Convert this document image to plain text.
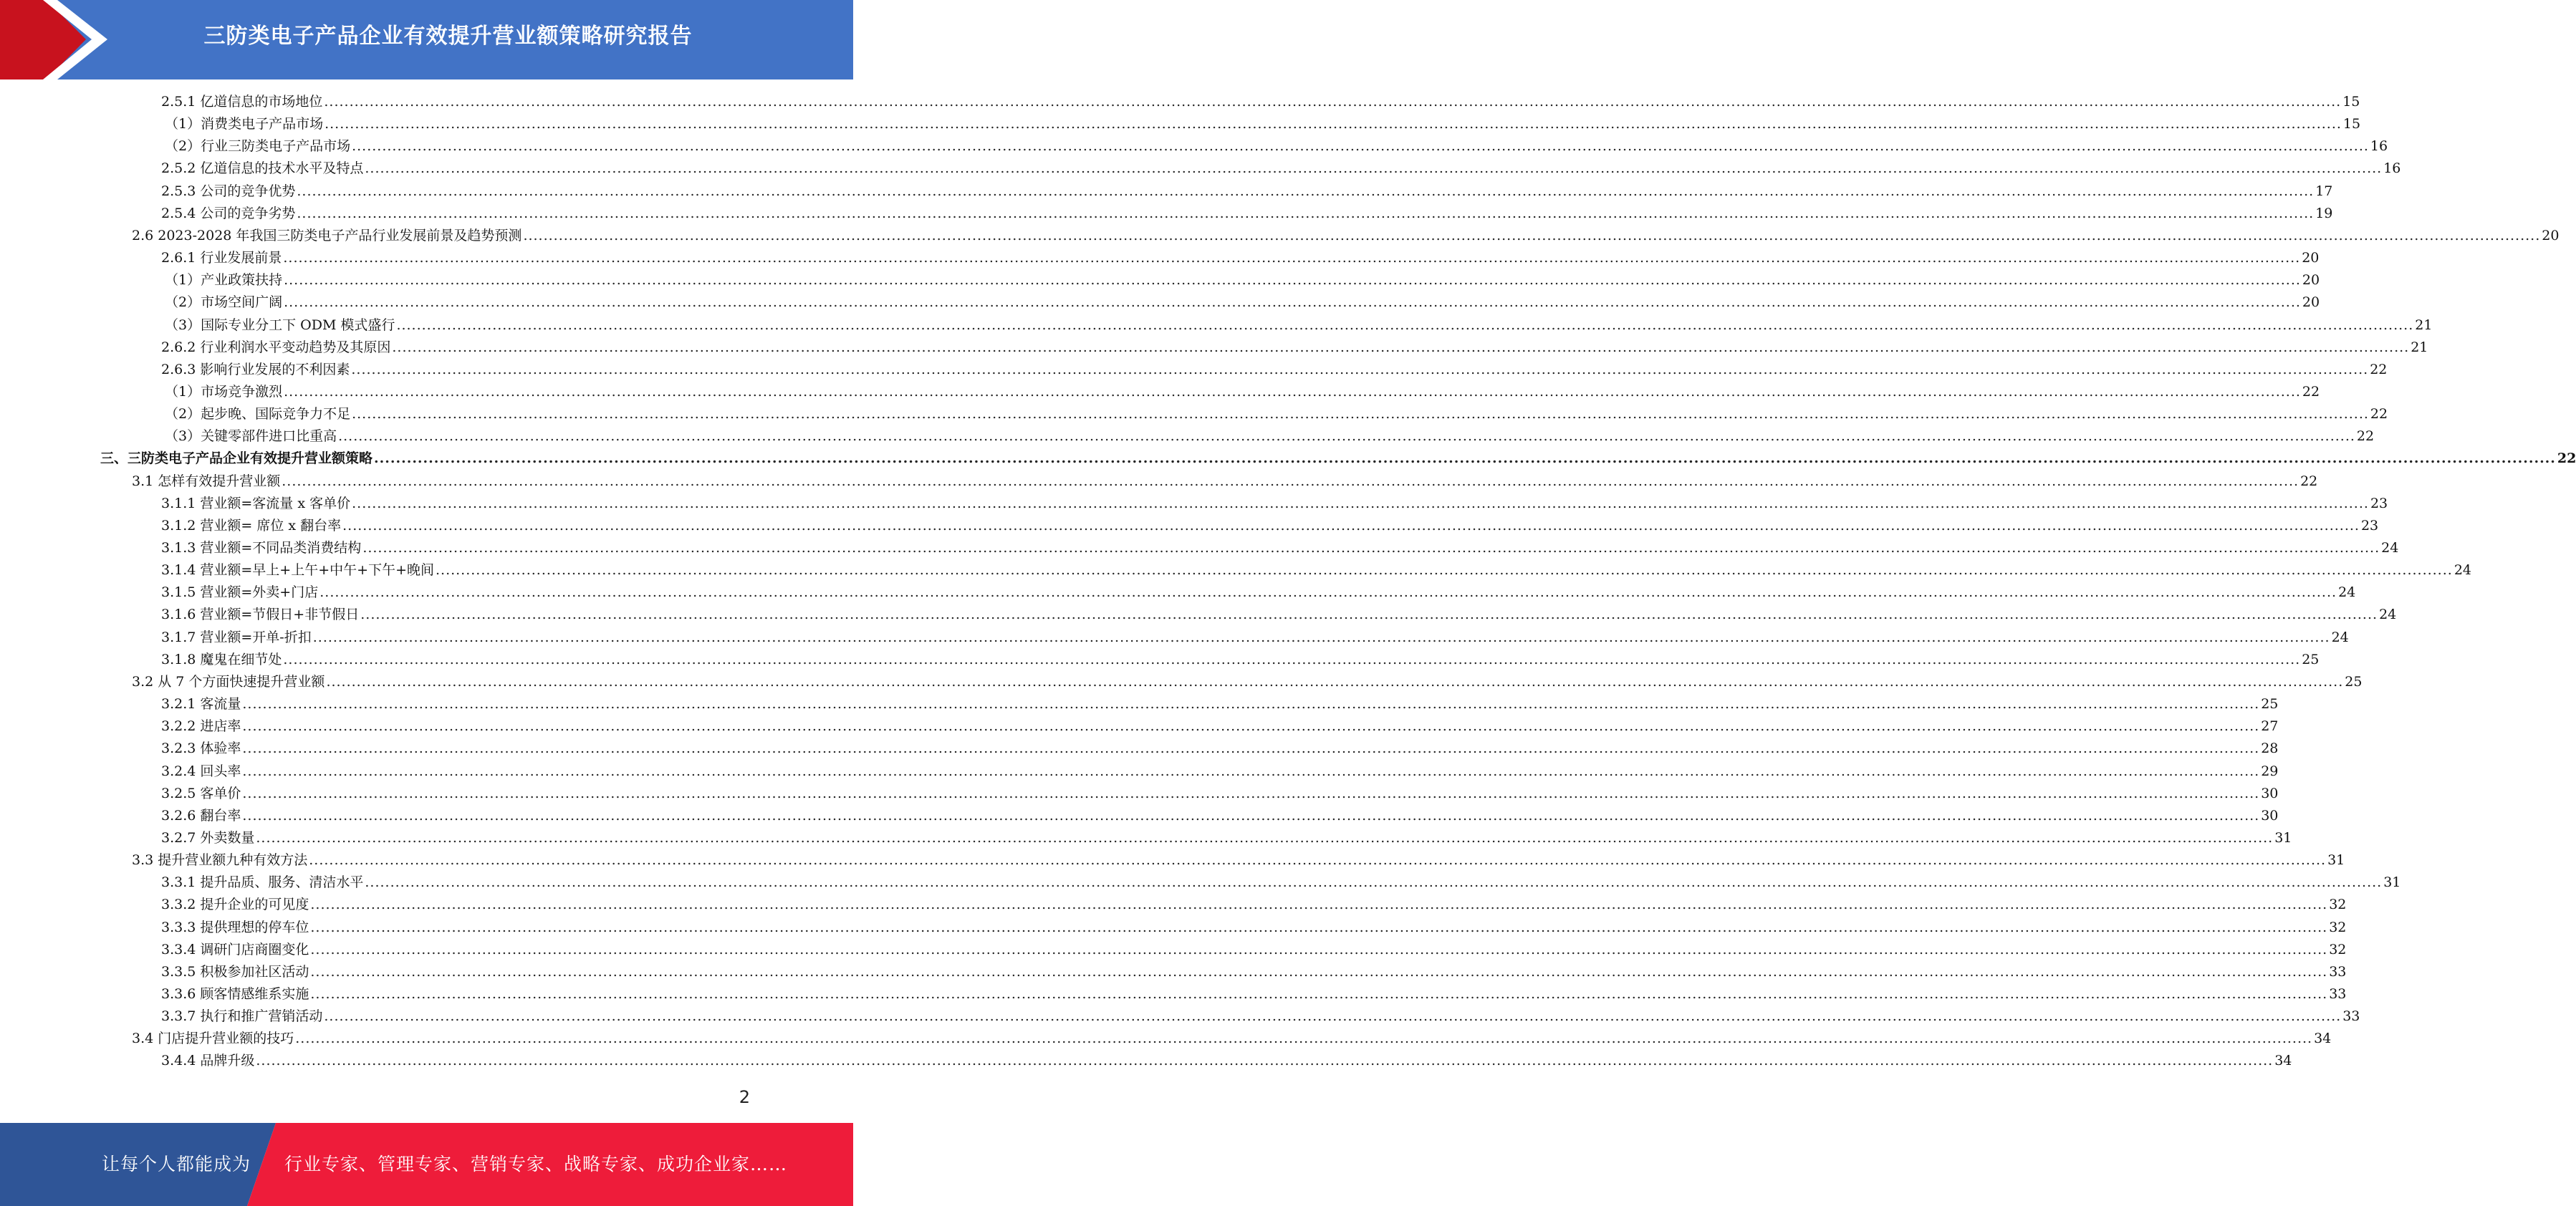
三防类电子产品企业有效提升营业额策略研究报告
2.5.1 亿道信息的市场地位 ................................................................................................................................................................................................................................................................................................................................................................................................................ 15
（1）消费类电子产品市场 ................................................................................................................................................................................................................................................................................................................................................................................................................ 15
（2）行业三防类电子产品市场 ................................................................................................................................................................................................................................................................................................................................................................................................................ 16
2.5.2 亿道信息的技术水平及特点 ................................................................................................................................................................................................................................................................................................................................................................................................................ 16
2.5.3 公司的竞争优势 ................................................................................................................................................................................................................................................................................................................................................................................................................ 17
2.5.4 公司的竞争劣势 ................................................................................................................................................................................................................................................................................................................................................................................................................ 19
2.6 2023-2028 年我国三防类电子产品行业发展前景及趋势预测 ................................................................................................................................................................................................................................................................................................................................................................................................................ 20
2.6.1 行业发展前景 ................................................................................................................................................................................................................................................................................................................................................................................................................ 20
（1）产业政策扶持 ................................................................................................................................................................................................................................................................................................................................................................................................................ 20
（2）市场空间广阔 ................................................................................................................................................................................................................................................................................................................................................................................................................ 20
（3）国际专业分工下 ODM 模式盛行 ................................................................................................................................................................................................................................................................................................................................................................................................................ 21
2.6.2 行业利润水平变动趋势及其原因 ................................................................................................................................................................................................................................................................................................................................................................................................................ 21
2.6.3 影响行业发展的不利因素 ................................................................................................................................................................................................................................................................................................................................................................................................................ 22
（1）市场竞争激烈 ................................................................................................................................................................................................................................................................................................................................................................................................................ 22
（2）起步晚、国际竞争力不足 ................................................................................................................................................................................................................................................................................................................................................................................................................ 22
（3）关键零部件进口比重高 ................................................................................................................................................................................................................................................................................................................................................................................................................ 22
三、三防类电子产品企业有效提升营业额策略 ................................................................................................................................................................................................................................................................................................................................................................................................................ 22
3.1 怎样有效提升营业额 ................................................................................................................................................................................................................................................................................................................................................................................................................ 22
3.1.1 营业额=客流量 x 客单价 ................................................................................................................................................................................................................................................................................................................................................................................................................ 23
3.1.2 营业额= 席位 x 翻台率 ................................................................................................................................................................................................................................................................................................................................................................................................................ 23
3.1.3 营业额=不同品类消费结构 ................................................................................................................................................................................................................................................................................................................................................................................................................ 24
3.1.4 营业额=早上+上午+中午+下午+晚间 ................................................................................................................................................................................................................................................................................................................................................................................................................ 24
3.1.5 营业额=外卖+门店 ................................................................................................................................................................................................................................................................................................................................................................................................................ 24
3.1.6 营业额=节假日+非节假日 ................................................................................................................................................................................................................................................................................................................................................................................................................ 24
3.1.7 营业额=开单-折扣 ................................................................................................................................................................................................................................................................................................................................................................................................................ 24
3.1.8 魔鬼在细节处 ................................................................................................................................................................................................................................................................................................................................................................................................................ 25
3.2 从 7 个方面快速提升营业额 ................................................................................................................................................................................................................................................................................................................................................................................................................ 25
3.2.1 客流量 ................................................................................................................................................................................................................................................................................................................................................................................................................ 25
3.2.2 进店率 ................................................................................................................................................................................................................................................................................................................................................................................................................ 27
3.2.3 体验率 ................................................................................................................................................................................................................................................................................................................................................................................................................ 28
3.2.4 回头率 ................................................................................................................................................................................................................................................................................................................................................................................................................ 29
3.2.5 客单价 ................................................................................................................................................................................................................................................................................................................................................................................................................ 30
3.2.6 翻台率 ................................................................................................................................................................................................................................................................................................................................................................................................................ 30
3.2.7 外卖数量 ................................................................................................................................................................................................................................................................................................................................................................................................................ 31
3.3 提升营业额九种有效方法 ................................................................................................................................................................................................................................................................................................................................................................................................................ 31
3.3.1 提升品质、服务、清洁水平 ................................................................................................................................................................................................................................................................................................................................................................................................................ 31
3.3.2 提升企业的可见度 ................................................................................................................................................................................................................................................................................................................................................................................................................ 32
3.3.3 提供理想的停车位 ................................................................................................................................................................................................................................................................................................................................................................................................................ 32
3.3.4 调研门店商圈变化 ................................................................................................................................................................................................................................................................................................................................................................................................................ 32
3.3.5 积极参加社区活动 ................................................................................................................................................................................................................................................................................................................................................................................................................ 33
3.3.6 顾客情感维系实施 ................................................................................................................................................................................................................................................................................................................................................................................................................ 33
3.3.7 执行和推广营销活动 ................................................................................................................................................................................................................................................................................................................................................................................................................ 33
3.4 门店提升营业额的技巧 ................................................................................................................................................................................................................................................................................................................................................................................................................ 34
3.4.4 品牌升级 ................................................................................................................................................................................................................................................................................................................................................................................................................ 34
2
让每个人都能成为 行业专家、管理专家、营销专家、战略专家、成功企业家……
